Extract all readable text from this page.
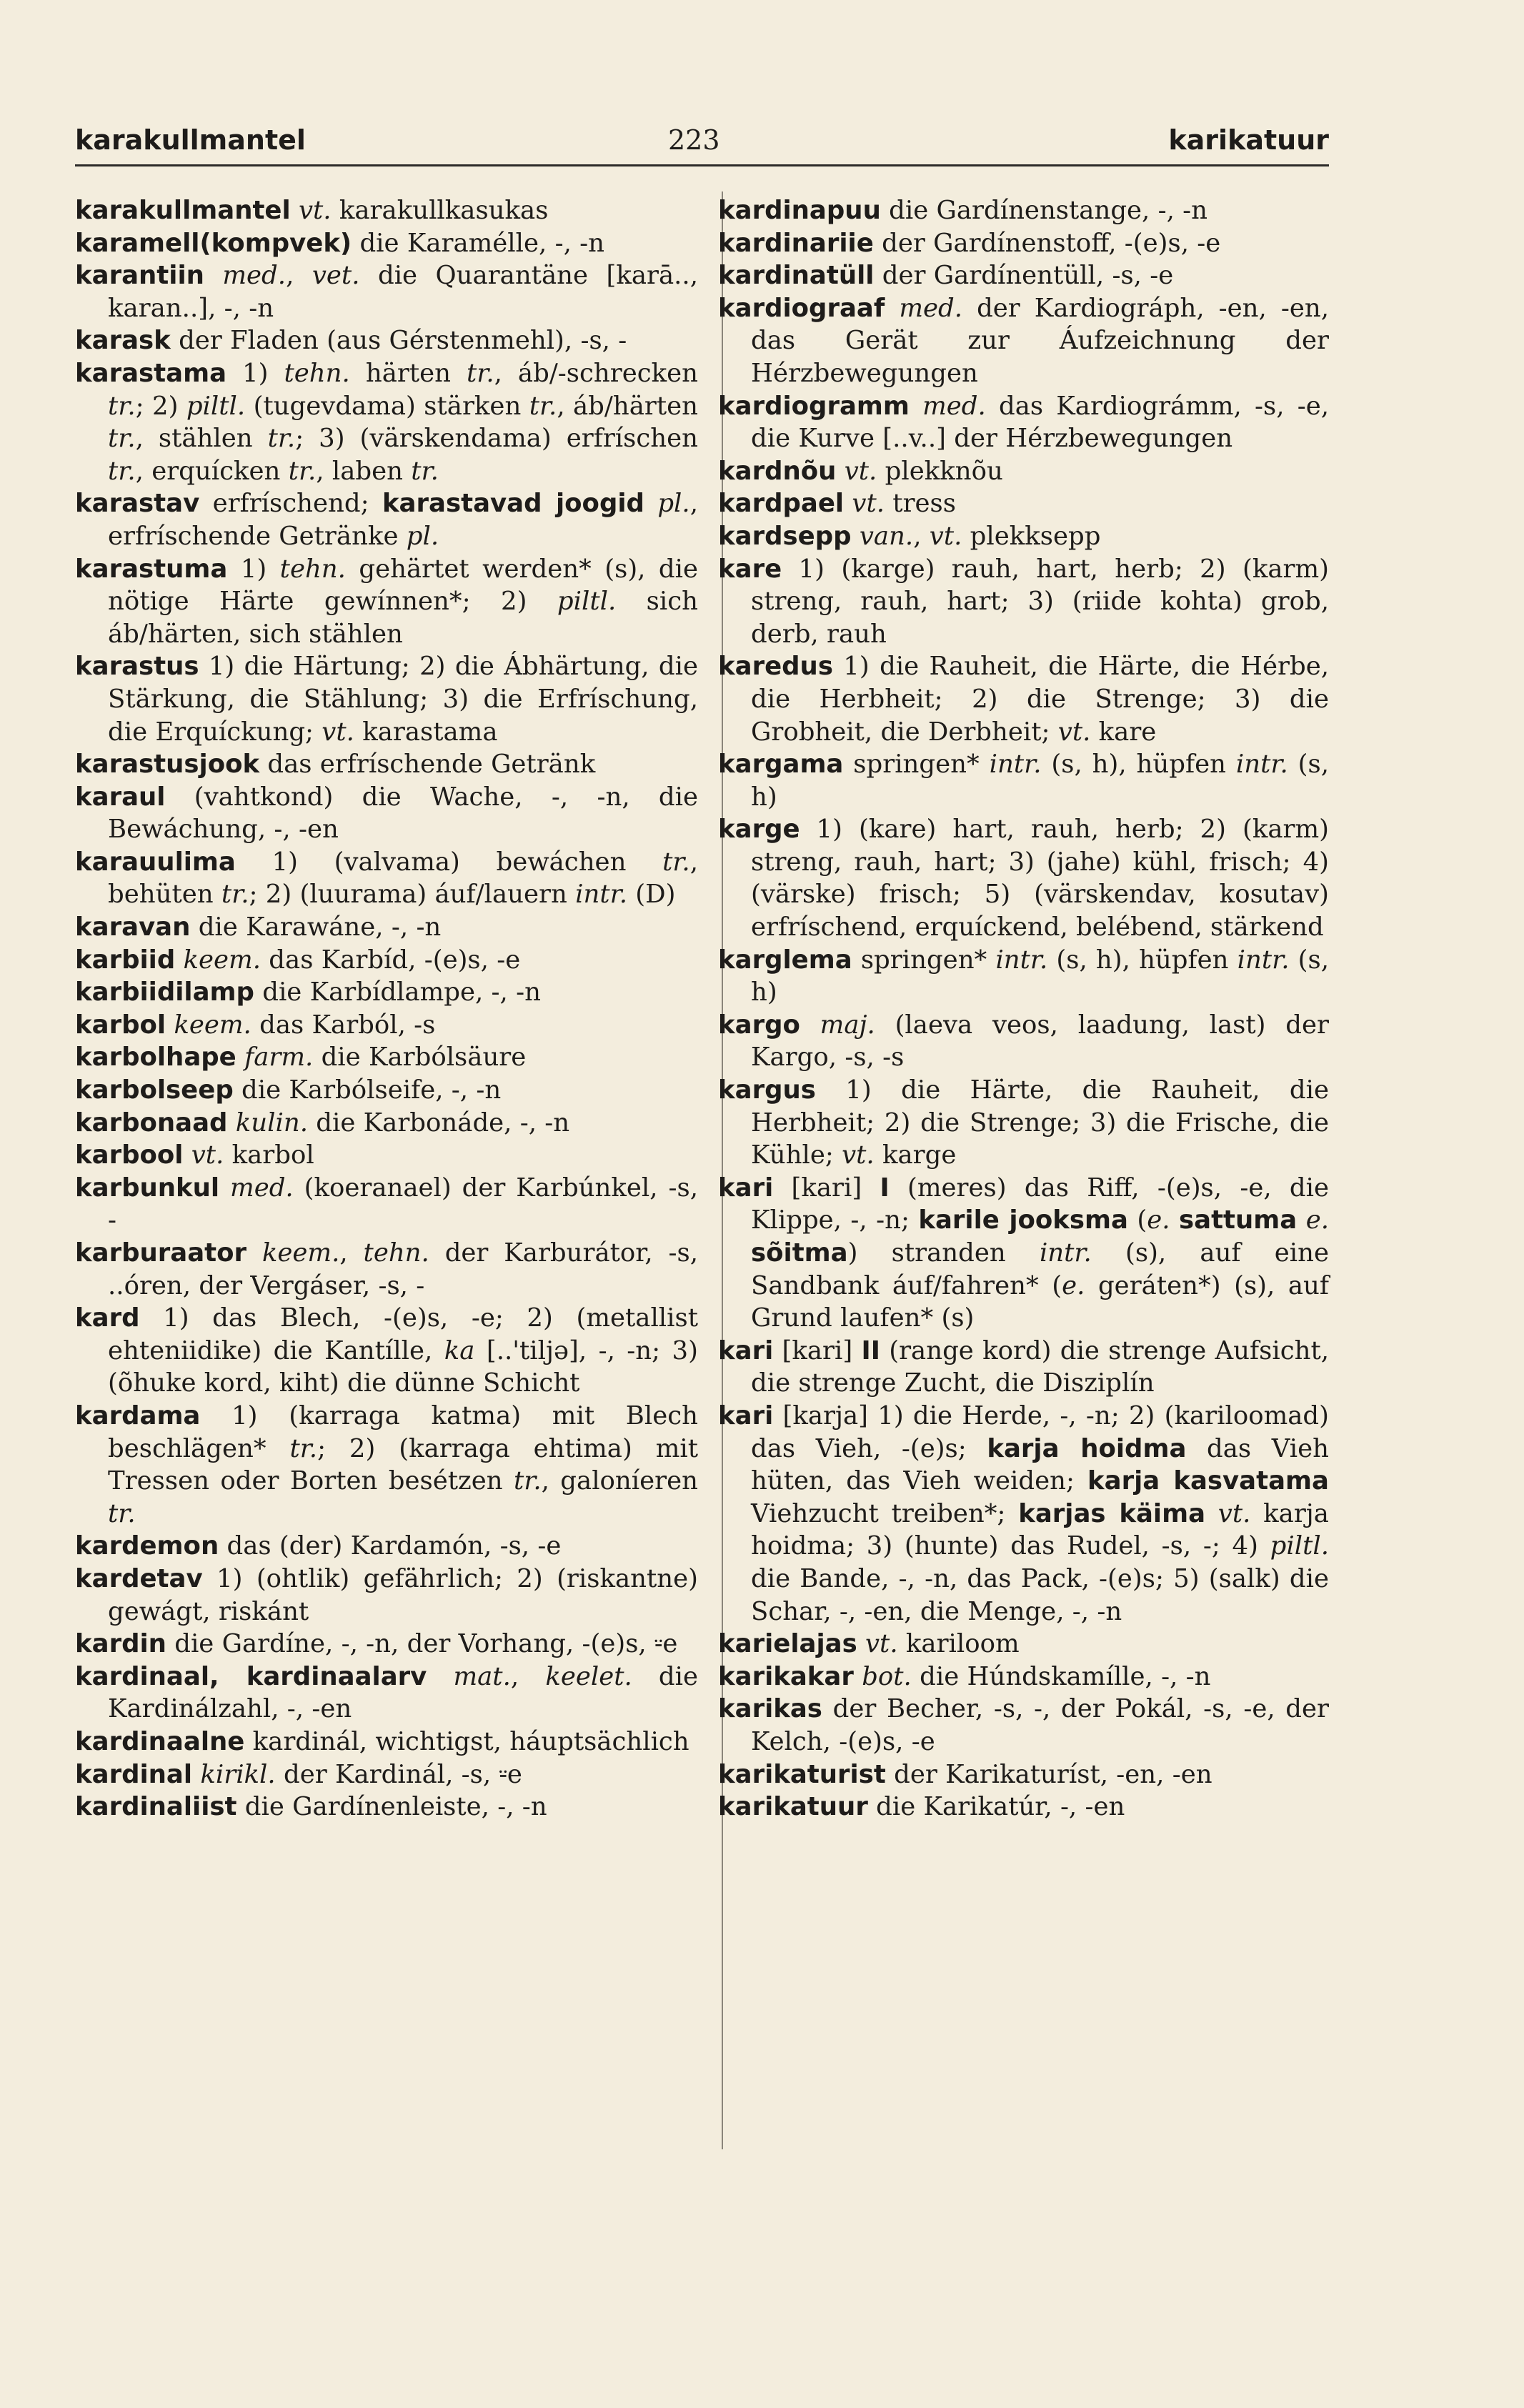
karakullmantel	223	karikatuur

karakullmantel vt. karakullkasukas

karamell(kompvek) die Karamélle, -, -n

karantiin med., vet. die Quarantäne [karā.., karan..], -, -n

karask der Fladen (aus Gérstenmehl), -s, -

karastama 1) tehn. härten tr., áb/-schrecken tr.; 2) piltl. (tugevdama) stärken tr., áb/härten tr., stählen tr.; 3) (värskendama) erfríschen tr., erquícken tr., laben tr.

karastav erfríschend; karastavad joogid pl., erfríschende Getränke pl.

karastuma 1) tehn. gehärtet werden* (s), die nötige Härte gewínnen*; 2) piltl. sich áb/härten, sich stählen

karastus 1) die Härtung; 2) die Ábhärtung, die Stärkung, die Stählung; 3) die Erfríschung, die Erquíckung; vt. karastama

karastusjook das erfríschende Getränk

karaul (vahtkond) die Wache, -, -n, die Bewáchung, -, -en

karauulima 1) (valvama) bewáchen tr., behüten tr.; 2) (luurama) áuf/lauern intr. (D)

karavan die Karawáne, -, -n

karbiid keem. das Karbíd, -(e)s, -e

karbiidilamp die Karbídlampe, -, -n

karbol keem. das Karból, -s

karbolhape farm. die Karbólsäure

karbolseep die Karbólseife, -, -n

karbonaad kulin. die Karbonáde, -, -n

karbool vt. karbol

karbunkul med. (koeranael) der Karbúnkel, -s, -

karburaator keem., tehn. der Karburátor, -s, ..óren, der Vergáser, -s, -

kard 1) das Blech, -(e)s, -e; 2) (metallist ehteniidike) die Kantílle, ka [..'tiljə], -, -n; 3) (õhuke kord, kiht) die dünne Schicht

kardama 1) (karraga katma) mit Blech beschlägen* tr.; 2) (karraga ehtima) mit Tressen oder Borten besétzen tr., galoníeren tr.

kardemon das (der) Kardamón, -s, -e

kardetav 1) (ohtlik) gefährlich; 2) (riskantne) gewágt, riskánt

kardin die Gardíne, -, -n, der Vorhang, -(e)s, ⸚e

kardinaal, kardinaalarv mat., keelet. die Kardinálzahl, -, -en

kardinaalne kardinál, wichtigst, háuptsächlich

kardinal kirikl. der Kardinál, -s, ⸚e

kardinaliist die Gardínenleiste, -, -n

kardinapuu die Gardínenstange, -, -n

kardinariie der Gardínenstoff, -(e)s, -e

kardinatüll der Gardínentüll, -s, -e

kardiograaf med. der Kardiográph, -en, -en, das Gerät zur Áufzeichnung der Hérzbewegungen

kardiogramm med. das Kardiográmm, -s, -e, die Kurve [..v..] der Hérzbewegungen

kardnõu vt. plekknõu

kardpael vt. tress

kardsepp van., vt. plekksepp

kare 1) (karge) rauh, hart, herb; 2) (karm) streng, rauh, hart; 3) (riide kohta) grob, derb, rauh

karedus 1) die Rauheit, die Härte, die Hérbe, die Herbheit; 2) die Strenge; 3) die Grobheit, die Derbheit; vt. kare

kargama springen* intr. (s, h), hüpfen intr. (s, h)

karge 1) (kare) hart, rauh, herb; 2) (karm) streng, rauh, hart; 3) (jahe) kühl, frisch; 4) (värske) frisch; 5) (värskendav, kosutav) erfríschend, erquíckend, belébend, stärkend

karglema springen* intr. (s, h), hüpfen intr. (s, h)

kargo maj. (laeva veos, laadung, last) der Kargo, -s, -s

kargus 1) die Härte, die Rauheit, die Herbheit; 2) die Strenge; 3) die Frische, die Kühle; vt. karge

kari [kari] I (meres) das Riff, -(e)s, -e, die Klippe, -, -n; karile jooksma (e. sattuma e. sõitma) stranden intr. (s), auf eine Sandbank áuf/fahren* (e. geráten*) (s), auf Grund laufen* (s)

kari [kari] II (range kord) die strenge Aufsicht, die strenge Zucht, die Disziplín

kari [karja] 1) die Herde, -, -n; 2) (kariloomad) das Vieh, -(e)s; karja hoidma das Vieh hüten, das Vieh weiden; karja kasvatama Viehzucht treiben*; karjas käima vt. karja hoidma; 3) (hunte) das Rudel, -s, -; 4) piltl. die Bande, -, -n, das Pack, -(e)s; 5) (salk) die Schar, -, -en, die Menge, -, -n

karielajas vt. kariloom

karikakar bot. die Húndskamílle, -, -n

karikas der Becher, -s, -, der Pokál, -s, -e, der Kelch, -(e)s, -e

karikaturist der Karikaturíst, -en, -en

karikatuur die Karikatúr, -, -en
